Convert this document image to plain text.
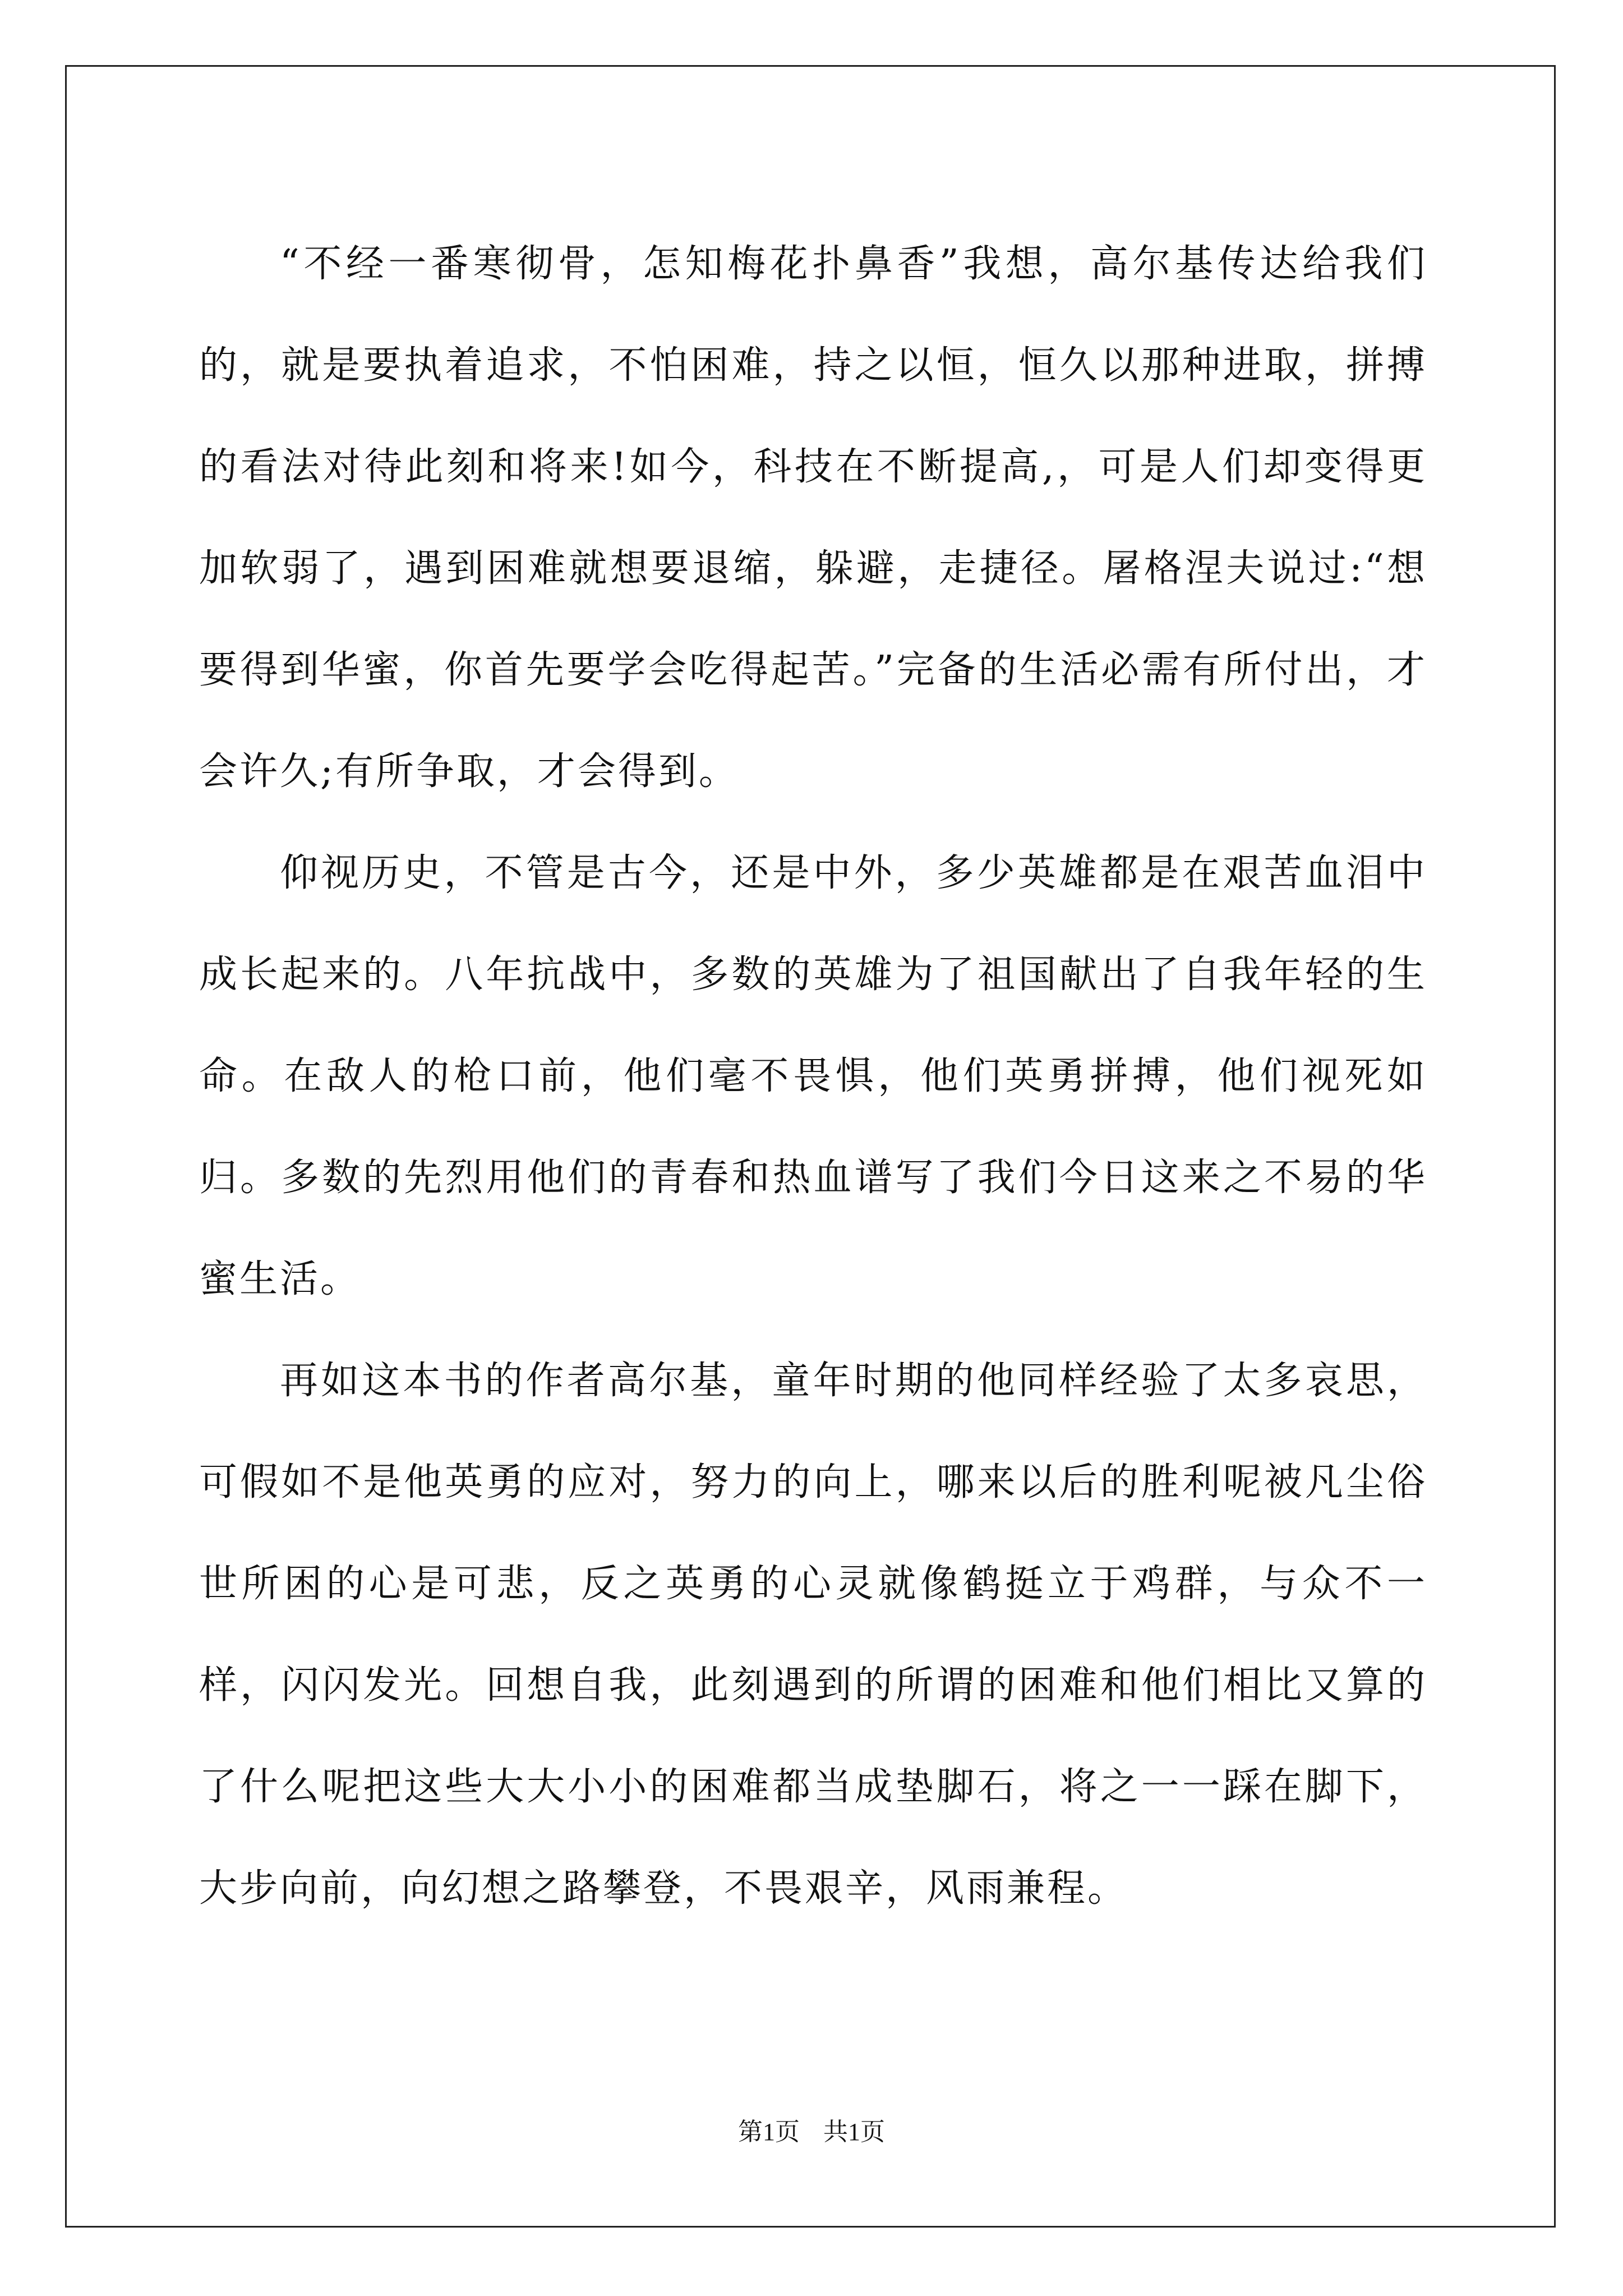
“不经一番寒彻骨，怎知梅花扑鼻香”我想，高尔基传达给我们的，就是要执着追求，不怕困难，持之以恒，恒久以那种进取，拼搏的看法对待此刻和将来!如今，科技在不断提高,，可是人们却变得更加软弱了，遇到困难就想要退缩，躲避，走捷径。屠格涅夫说过:“想要得到华蜜，你首先要学会吃得起苦。”完备的生活必需有所付出，才会许久;有所争取，才会得到。

仰视历史，不管是古今，还是中外，多少英雄都是在艰苦血泪中成长起来的。八年抗战中，多数的英雄为了祖国献出了自我年轻的生命。在敌人的枪口前，他们毫不畏惧，他们英勇拼搏，他们视死如归。多数的先烈用他们的青春和热血谱写了我们今日这来之不易的华蜜生活。

再如这本书的作者高尔基，童年时期的他同样经验了太多哀思，可假如不是他英勇的应对，努力的向上，哪来以后的胜利呢被凡尘俗世所困的心是可悲，反之英勇的心灵就像鹤挺立于鸡群，与众不一样，闪闪发光。回想自我，此刻遇到的所谓的困难和他们相比又算的了什么呢把这些大大小小的困难都当成垫脚石，将之一一踩在脚下，大步向前，向幻想之路攀登，不畏艰辛，风雨兼程。

第1页 共1页
